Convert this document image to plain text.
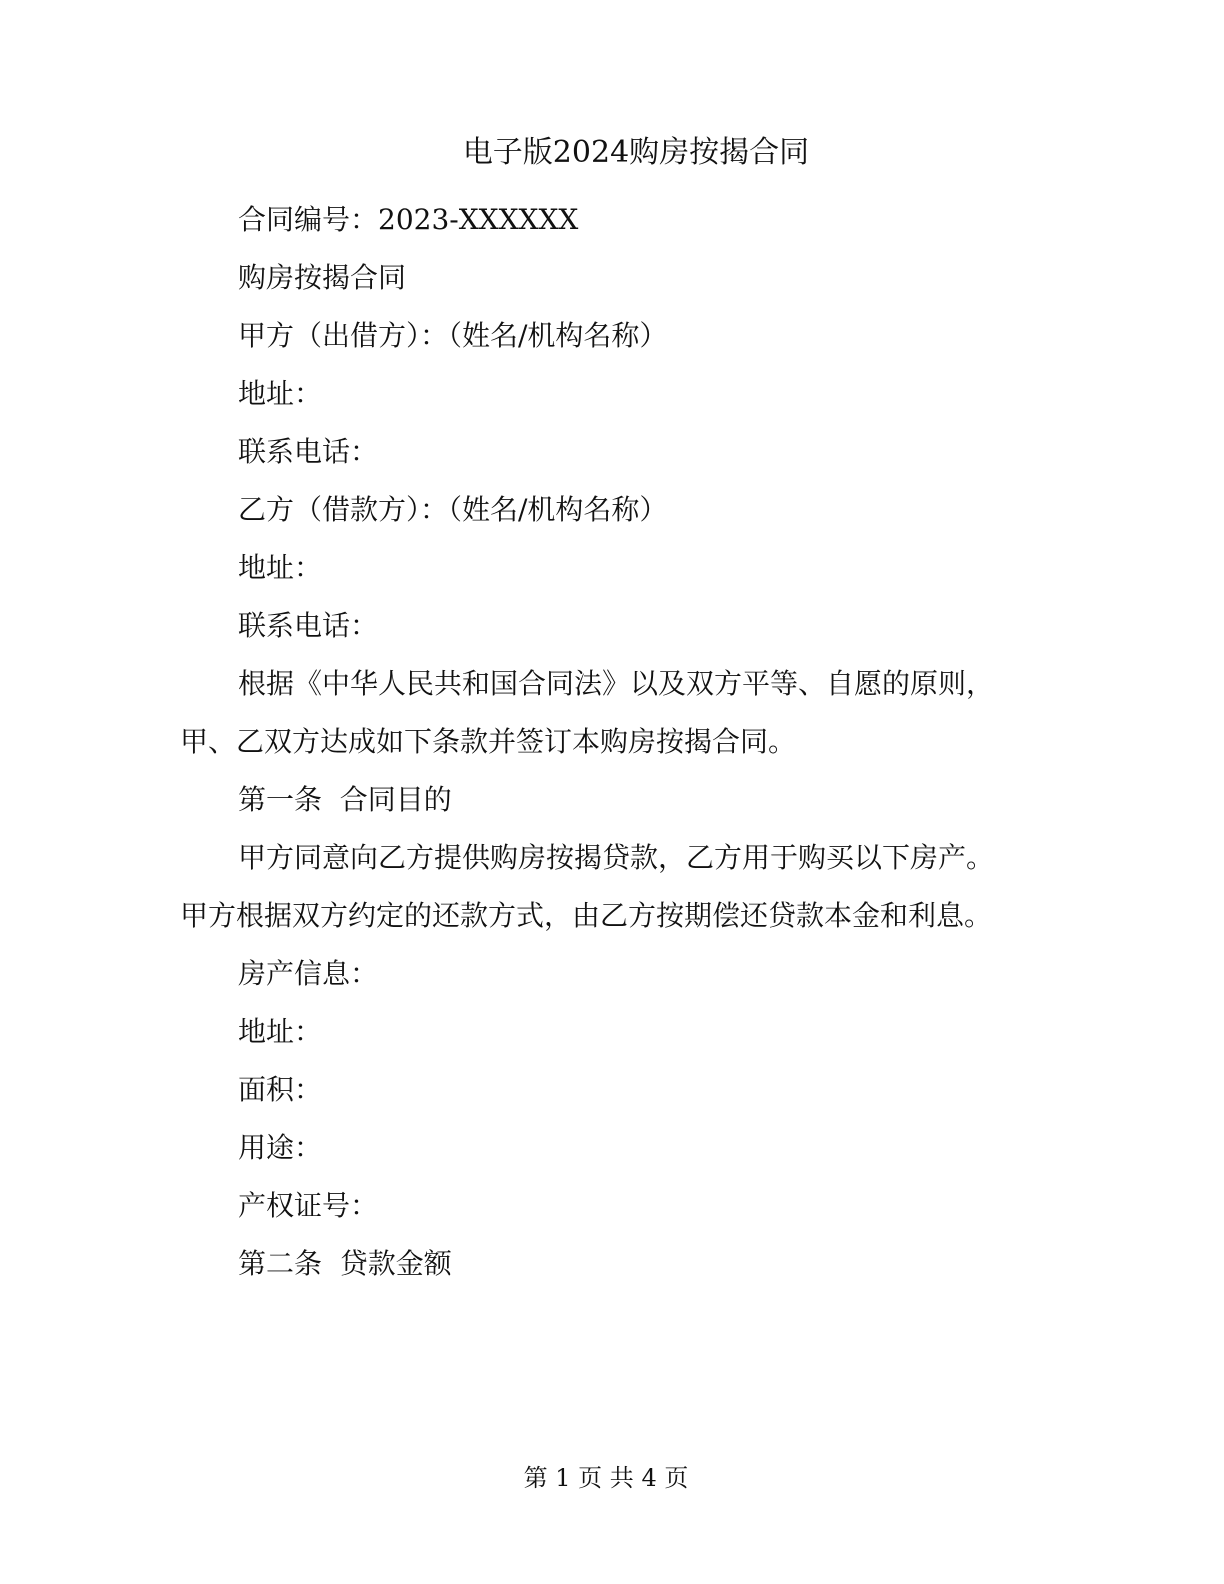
电子版2024购房按揭合同

合同编号：2023-XXXXXX

购房按揭合同

甲方（出借方）：（姓名/机构名称）

地址：

联系电话：

乙方（借款方）：（姓名/机构名称）

地址：

联系电话：

根据《中华人民共和国合同法》以及双方平等、自愿的原则，甲、乙双方达成如下条款并签订本购房按揭合同。

第一条  合同目的

甲方同意向乙方提供购房按揭贷款，乙方用于购买以下房产。甲方根据双方约定的还款方式，由乙方按期偿还贷款本金和利息。

房产信息：

地址：

面积：

用途：

产权证号：

第二条  贷款金额

第 1 页 共 4 页
